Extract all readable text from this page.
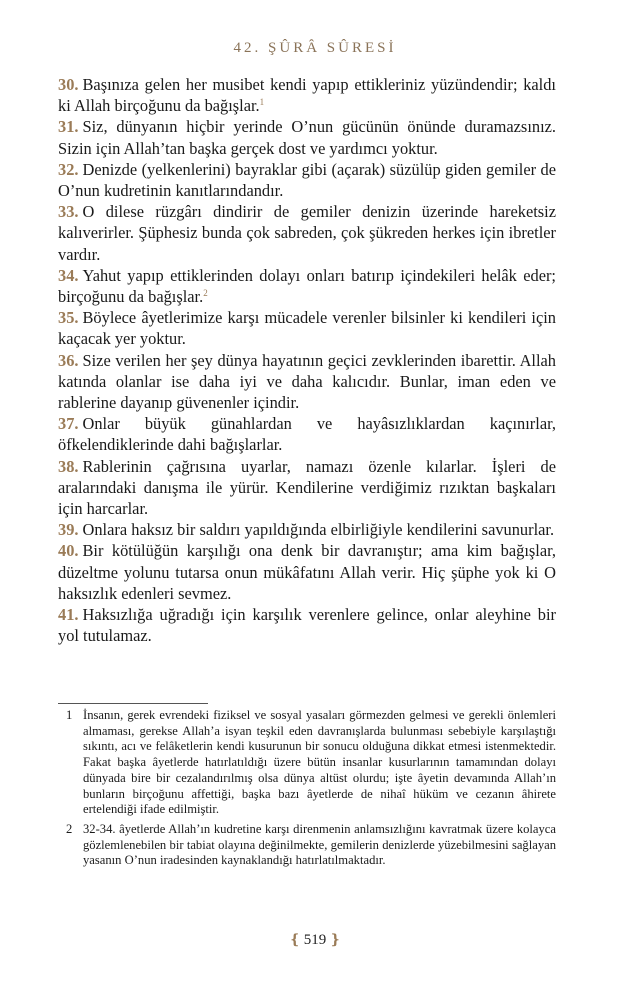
42. ŞÛRÂ SÛRESİ

30. Başınıza gelen her musibet kendi yapıp ettikleriniz yüzündendir; kaldı ki Allah birçoğunu da bağışlar.$^1$

31. Siz, dünyanın hiçbir yerinde O’nun gücünün önünde duramazsınız. Sizin için Allah’tan başka gerçek dost ve yardımcı yoktur.

32. Denizde (yelkenlerini) bayraklar gibi (açarak) süzülüp giden gemiler de O’nun kudretinin kanıtlarındandır.

33. O dilese rüzgârı dindirir de gemiler denizin üzerinde hareketsiz kalıverirler. Şüphesiz bunda çok sabreden, çok şükreden herkes için ibretler vardır.

34. Yahut yapıp ettiklerinden dolayı onları batırıp içindekileri helâk eder; birçoğunu da bağışlar.$^2$

35. Böylece âyetlerimize karşı mücadele verenler bilsinler ki kendileri için kaçacak yer yoktur.

36. Size verilen her şey dünya hayatının geçici zevklerinden ibarettir. Allah katında olanlar ise daha iyi ve daha kalıcıdır. Bunlar, iman eden ve rablerine dayanıp güvenenler içindir.

37. Onlar büyük günahlardan ve hayâsızlıklardan kaçınırlar, öfkelendiklerinde dahi bağışlarlar.

38. Rablerinin çağrısına uyarlar, namazı özenle kılarlar. İşleri de aralarındaki danışma ile yürür. Kendilerine verdiğimiz rızıktan başkaları için harcarlar.

39. Onlara haksız bir saldırı yapıldığında elbirliğiyle kendilerini savunurlar.

40. Bir kötülüğün karşılığı ona denk bir davranıştır; ama kim bağışlar, düzeltme yolunu tutarsa onun mükâfatını Allah verir. Hiç şüphe yok ki O haksızlık edenleri sevmez.

41. Haksızlığa uğradığı için karşılık verenlere gelince, onlar aleyhine bir yol tutulamaz.

1 İnsanın, gerek evrendeki fiziksel ve sosyal yasaları görmezden gelmesi ve gerekli önlemleri almaması, gerekse Allah’a isyan teşkil eden davranışlarda bulunması sebebiyle karşılaştığı sıkıntı, acı ve felâketlerin kendi kusurunun bir sonucu olduğuna dikkat etmesi istenmektedir. Fakat başka âyetlerde hatırlatıldığı üzere bütün insanlar kusurlarının tamamından dolayı dünyada bire bir cezalandırılmış olsa dünya altüst olurdu; işte âyetin devamında Allah’ın bunların birçoğunu affettiği, başka bazı âyetlerde de nihaî hüküm ve cezanın âhirete ertelendiği ifade edilmiştir.
2 32-34. âyetlerde Allah’ın kudretine karşı direnmenin anlamsızlığını kavratmak üzere kolayca gözlemlenebilen bir tabiat olayına değinilmekte, gemilerin denizlerde yüzebilmesini sağlayan yasanın O’nun iradesinden kaynaklandığı hatırlatılmaktadır.
❴ 519 ❵
